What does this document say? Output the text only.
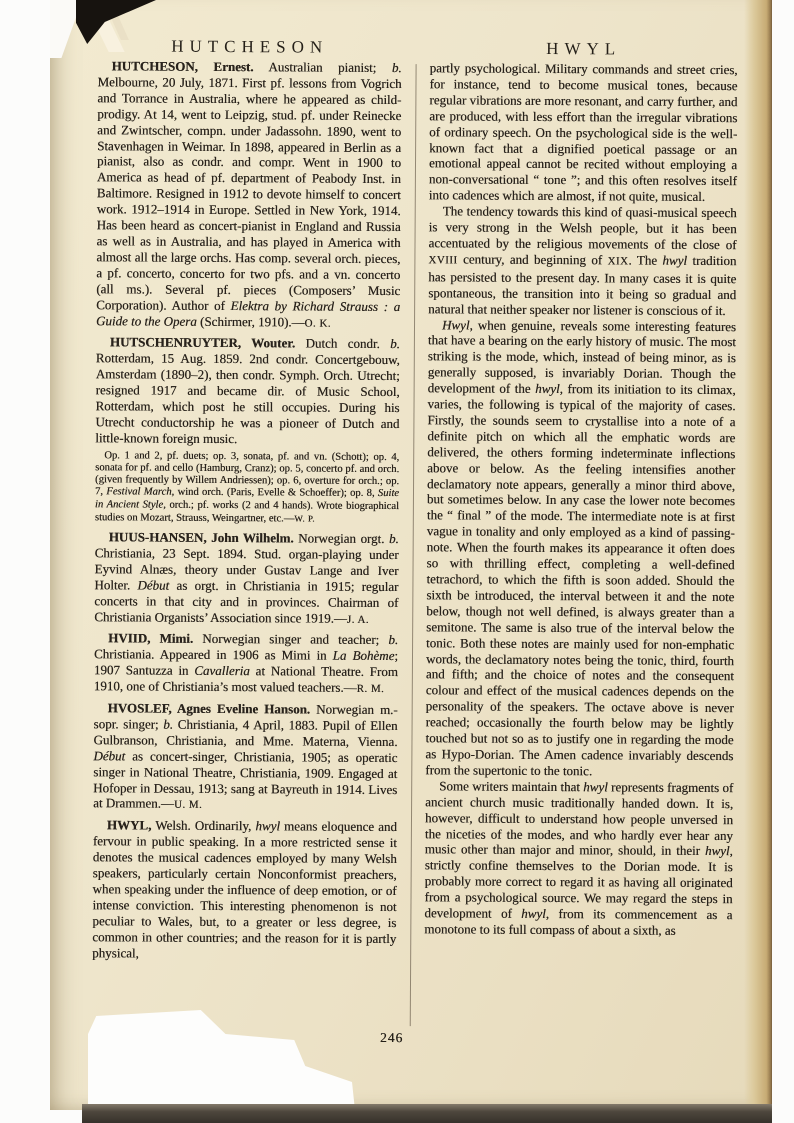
HUTCHESON	HWYL

HUTCHESON, Ernest. Australian pianist; b. Melbourne, 20 July, 1871. First pf. lessons from Vogrich and Torrance in Australia, where he appeared as child-prodigy. At 14, went to Leipzig, stud. pf. under Reinecke and Zwintscher, compn. under Jadassohn. 1890, went to Stavenhagen in Weimar. In 1898, appeared in Berlin as a pianist, also as condr. and compr. Went in 1900 to America as head of pf. department of Peabody Inst. in Baltimore. Resigned in 1912 to devote himself to concert work. 1912–1914 in Europe. Settled in New York, 1914. Has been heard as concert-pianist in England and Russia as well as in Australia, and has played in America with almost all the large orchs. Has comp. several orch. pieces, a pf. concerto, concerto for two pfs. and a vn. concerto (all ms.). Several pf. pieces (Composers’ Music Corporation). Author of Elektra by Richard Strauss : a Guide to the Opera (Schirmer, 1910).—O. K.

HUTSCHENRUYTER, Wouter. Dutch condr. b. Rotterdam, 15 Aug. 1859. 2nd condr. Concertgebouw, Amsterdam (1890–2), then condr. Symph. Orch. Utrecht; resigned 1917 and became dir. of Music School, Rotterdam, which post he still occupies. During his Utrecht conductorship he was a pioneer of Dutch and little-known foreign music.

Op. 1 and 2, pf. duets; op. 3, sonata, pf. and vn. (Schott); op. 4, sonata for pf. and cello (Hamburg, Cranz); op. 5, concerto pf. and orch. (given frequently by Willem Andriessen); op. 6, overture for orch.; op. 7, Festival March, wind orch. (Paris, Evelle & Schoeffer); op. 8, Suite in Ancient Style, orch.; pf. works (2 and 4 hands). Wrote biographical studies on Mozart, Strauss, Weingartner, etc.—W. P.

HUUS-HANSEN, John Wilhelm. Norwegian orgt. b. Christiania, 23 Sept. 1894. Stud. organ-playing under Eyvind Alnæs, theory under Gustav Lange and Iver Holter. Début as orgt. in Christiania in 1915; regular concerts in that city and in provinces. Chairman of Christiania Organists’ Association since 1919.—J. A.

HVIID, Mimi. Norwegian singer and teacher; b. Christiania. Appeared in 1906 as Mimi in La Bohème; 1907 Santuzza in Cavalleria at National Theatre. From 1910, one of Christiania’s most valued teachers.—R. M.

HVOSLEF, Agnes Eveline Hanson. Norwegian m.-sopr. singer; b. Christiania, 4 April, 1883. Pupil of Ellen Gulbranson, Christiania, and Mme. Materna, Vienna. Début as concert-singer, Christiania, 1905; as operatic singer in National Theatre, Christiania, 1909. Engaged at Hofoper in Dessau, 1913; sang at Bayreuth in 1914. Lives at Drammen.—U. M.

HWYL, Welsh. Ordinarily, hwyl means eloquence and fervour in public speaking. In a more restricted sense it denotes the musical cadences employed by many Welsh speakers, particularly certain Nonconformist preachers, when speaking under the influence of deep emotion, or of intense conviction. This interesting phenomenon is not peculiar to Wales, but, to a greater or less degree, is common in other countries; and the reason for it is partly physical,

partly psychological. Military commands and street cries, for instance, tend to become musical tones, because regular vibrations are more resonant, and carry further, and are produced, with less effort than the irregular vibrations of ordinary speech. On the psychological side is the well-known fact that a dignified poetical passage or an emotional appeal cannot be recited without employing a non-conversational “ tone ”; and this often resolves itself into cadences which are almost, if not quite, musical.

The tendency towards this kind of quasi-musical speech is very strong in the Welsh people, but it has been accentuated by the religious movements of the close of XVIII century, and beginning of XIX. The hwyl tradition has persisted to the present day. In many cases it is quite spontaneous, the transition into it being so gradual and natural that neither speaker nor listener is conscious of it.

Hwyl, when genuine, reveals some interesting features that have a bearing on the early history of music. The most striking is the mode, which, instead of being minor, as is generally supposed, is invariably Dorian. Though the development of the hwyl, from its initiation to its climax, varies, the following is typical of the majority of cases. Firstly, the sounds seem to crystallise into a note of a definite pitch on which all the emphatic words are delivered, the others forming indeterminate inflections above or below. As the feeling intensifies another declamatory note appears, generally a minor third above, but sometimes below. In any case the lower note becomes the “ final ” of the mode. The intermediate note is at first vague in tonality and only employed as a kind of passing-note. When the fourth makes its appearance it often does so with thrilling effect, completing a well-defined tetrachord, to which the fifth is soon added. Should the sixth be introduced, the interval between it and the note below, though not well defined, is always greater than a semitone. The same is also true of the interval below the tonic. Both these notes are mainly used for non-emphatic words, the declamatory notes being the tonic, third, fourth and fifth; and the choice of notes and the consequent colour and effect of the musical cadences depends on the personality of the speakers. The octave above is never reached; occasionally the fourth below may be lightly touched but not so as to justify one in regarding the mode as Hypo-Dorian. The Amen cadence invariably descends from the supertonic to the tonic.

Some writers maintain that hwyl represents fragments of ancient church music traditionally handed down. It is, however, difficult to understand how people unversed in the niceties of the modes, and who hardly ever hear any music other than major and minor, should, in their hwyl, strictly confine themselves to the Dorian mode. It is probably more correct to regard it as having all originated from a psychological source. We may regard the steps in development of hwyl, from its commencement as a monotone to its full compass of about a sixth, as

246
